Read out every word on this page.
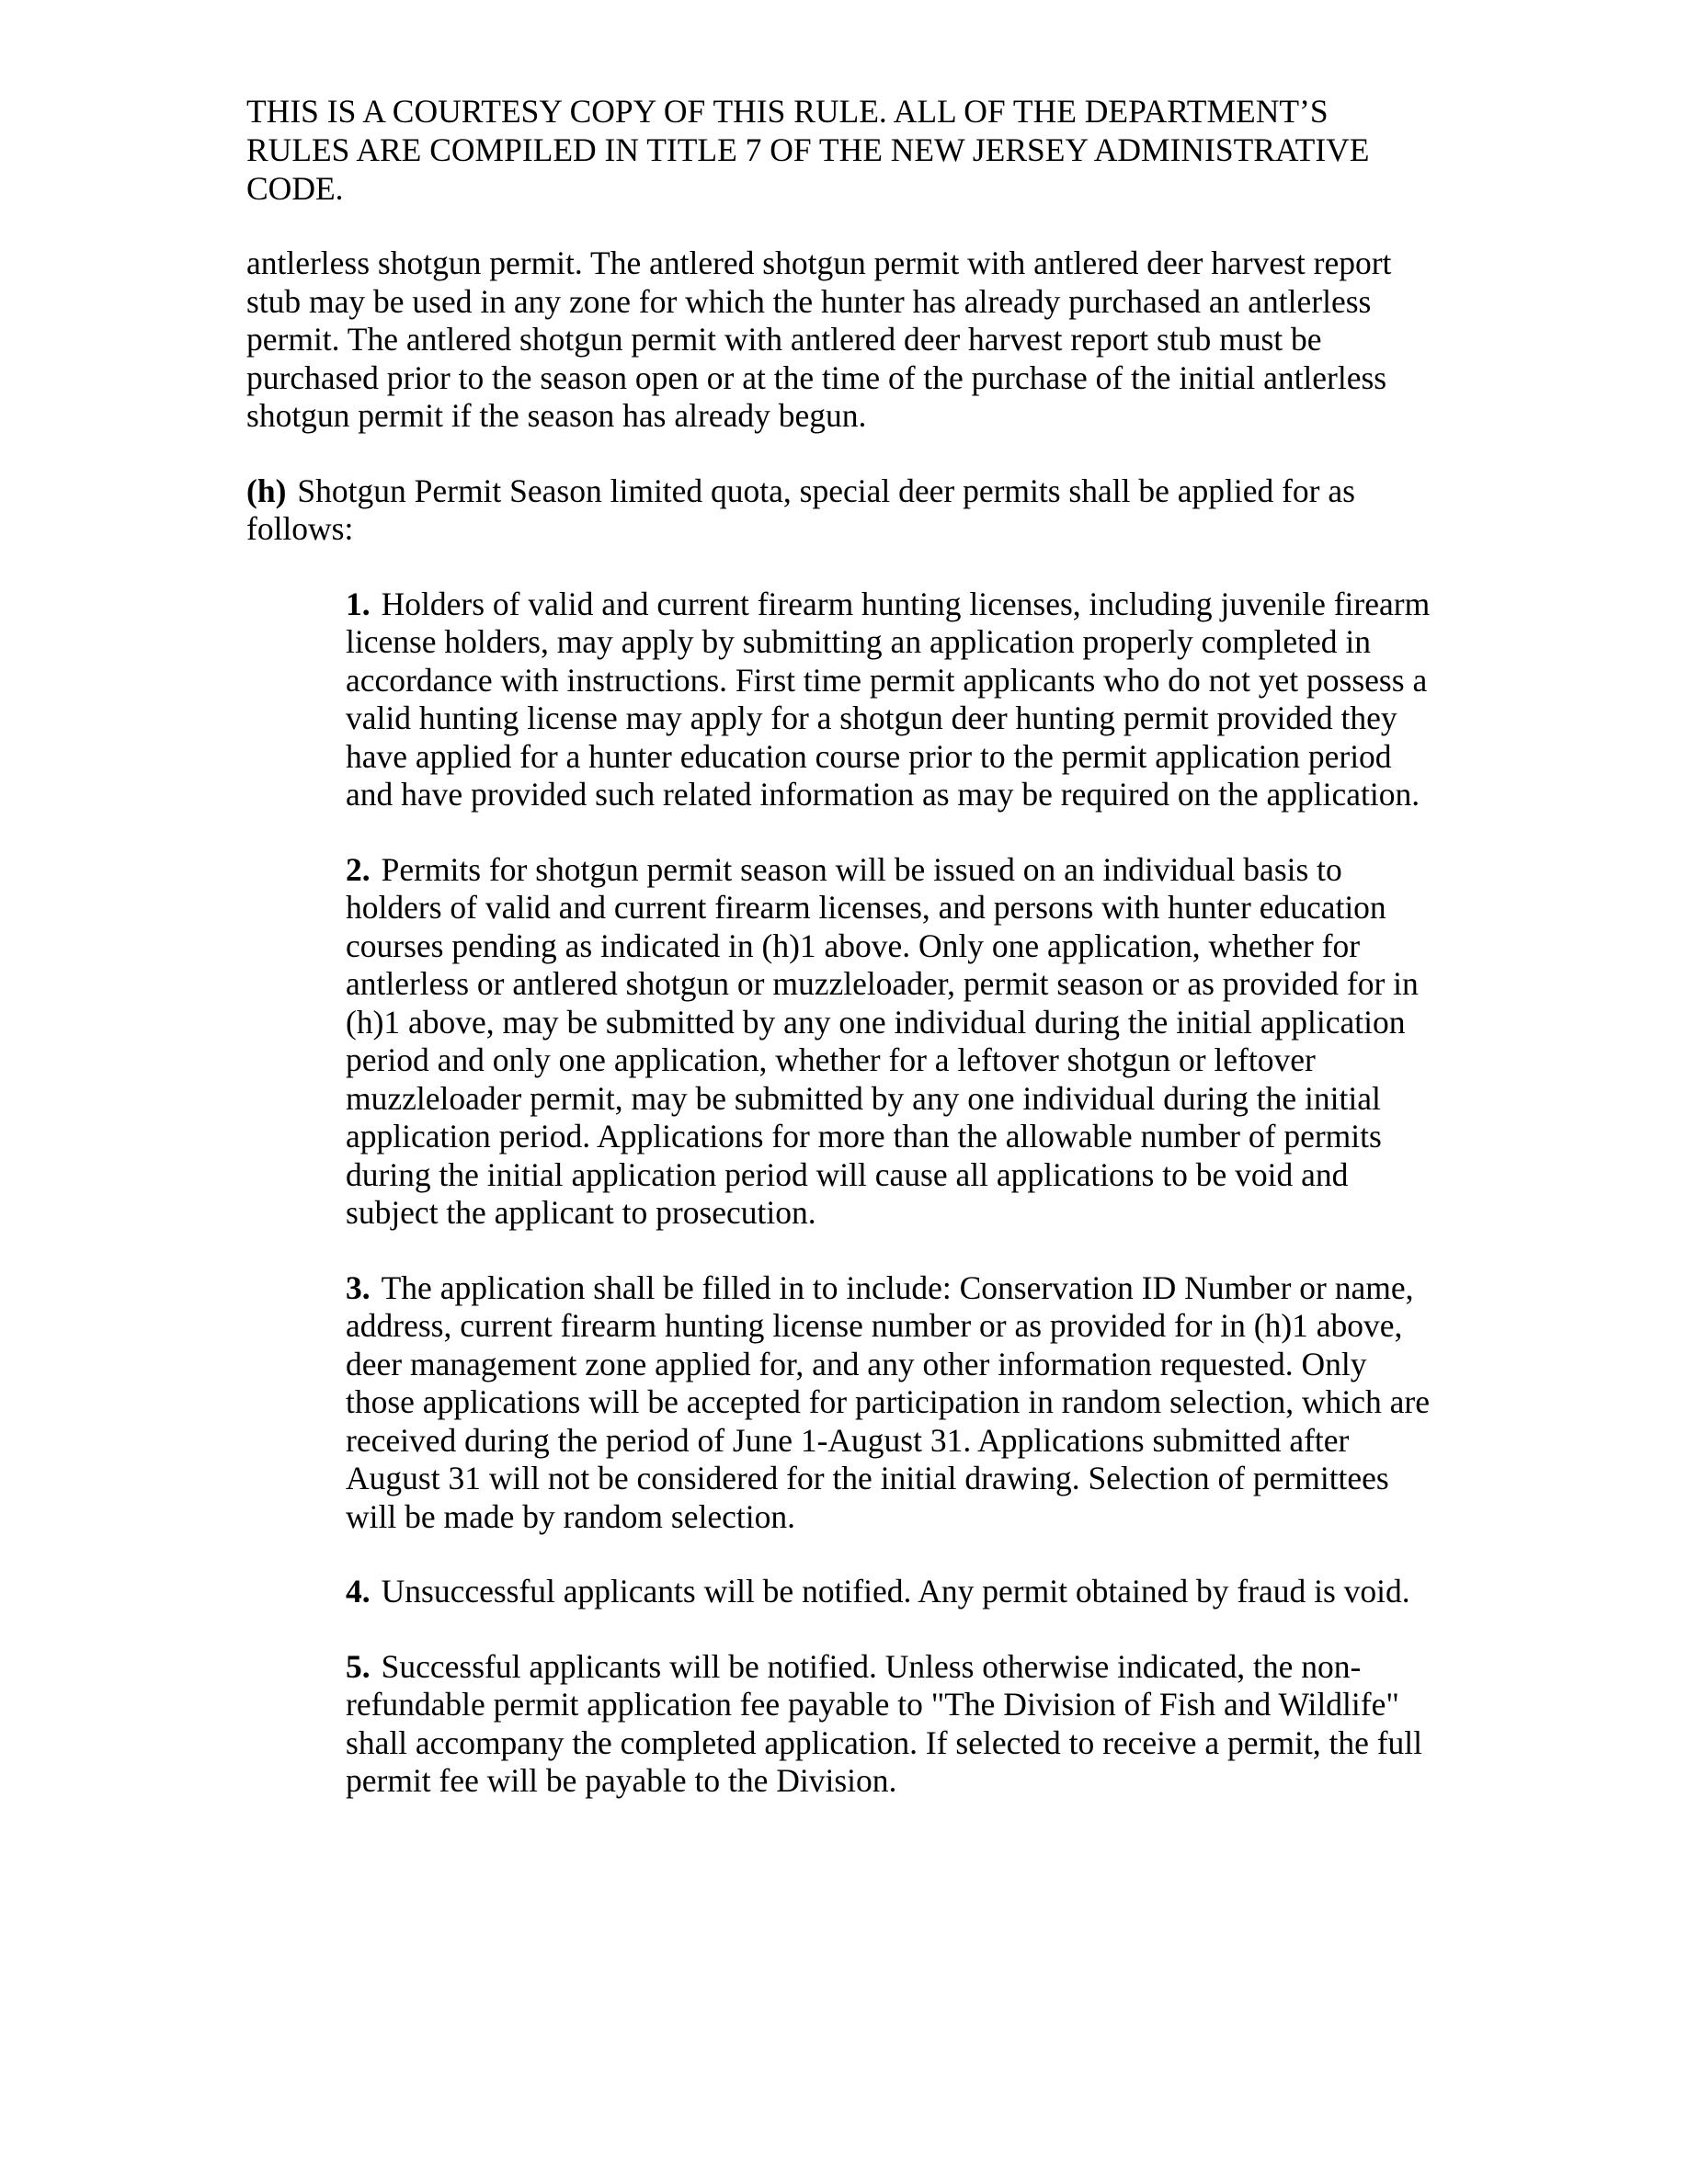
THIS IS A COURTESY COPY OF THIS RULE. ALL OF THE DEPARTMENT’S RULES ARE COMPILED IN TITLE 7 OF THE NEW JERSEY ADMINISTRATIVE CODE.

antlerless shotgun permit. The antlered shotgun permit with antlered deer harvest report stub may be used in any zone for which the hunter has already purchased an antlerless permit. The antlered shotgun permit with antlered deer harvest report stub must be purchased prior to the season open or at the time of the purchase of the initial antlerless shotgun permit if the season has already begun.

(h) Shotgun Permit Season limited quota, special deer permits shall be applied for as follows:

1. Holders of valid and current firearm hunting licenses, including juvenile firearm license holders, may apply by submitting an application properly completed in accordance with instructions. First time permit applicants who do not yet possess a valid hunting license may apply for a shotgun deer hunting permit provided they have applied for a hunter education course prior to the permit application period and have provided such related information as may be required on the application.

2. Permits for shotgun permit season will be issued on an individual basis to holders of valid and current firearm licenses, and persons with hunter education courses pending as indicated in (h)1 above. Only one application, whether for antlerless or antlered shotgun or muzzleloader, permit season or as provided for in (h)1 above, may be submitted by any one individual during the initial application period and only one application, whether for a leftover shotgun or leftover muzzleloader permit, may be submitted by any one individual during the initial application period. Applications for more than the allowable number of permits during the initial application period will cause all applications to be void and subject the applicant to prosecution.

3. The application shall be filled in to include: Conservation ID Number or name, address, current firearm hunting license number or as provided for in (h)1 above, deer management zone applied for, and any other information requested. Only those applications will be accepted for participation in random selection, which are received during the period of June 1-August 31. Applications submitted after August 31 will not be considered for the initial drawing. Selection of permittees will be made by random selection.

4. Unsuccessful applicants will be notified. Any permit obtained by fraud is void.

5. Successful applicants will be notified. Unless otherwise indicated, the non-refundable permit application fee payable to "The Division of Fish and Wildlife" shall accompany the completed application. If selected to receive a permit, the full permit fee will be payable to the Division.
